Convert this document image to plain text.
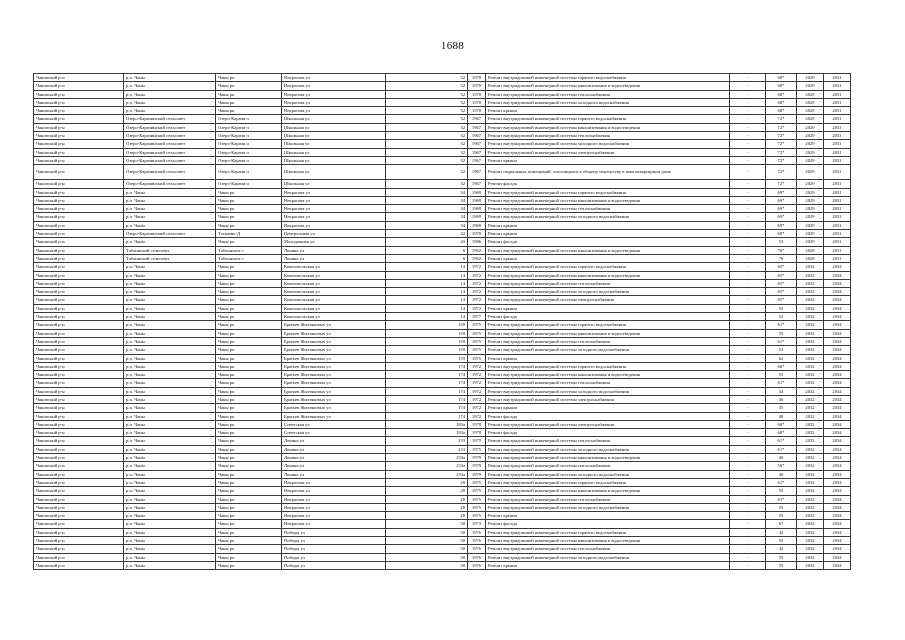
1688
Чановский р-н	р.п. Чаны	Чаны рп	Некрасова ул	32	1970	Ремонт внутридомовой инженерной системы горячего водоснабжения	-	68*	2029	2031
Чановский р-н	р.п. Чаны	Чаны рп	Некрасова ул	32	1970	Ремонт внутридомовой инженерной системы канализования и водоотведения	-	68*	2029	2031
Чановский р-н	р.п. Чаны	Чаны рп	Некрасова ул	32	1970	Ремонт внутридомовой инженерной системы теплоснабжения	-	68*	2029	2031
Чановский р-н	р.п. Чаны	Чаны рп	Некрасова ул	32	1970	Ремонт внутридомовой инженерной системы холодного водоснабжения	-	68*	2029	2031
Чановский р-н	р.п. Чаны	Чаны рп	Некрасова ул	32	1970	Ремонт крыши	-	68*	2029	2031
Чановский р-н	Озеро-Карачинский сельсовет	Озеро-Карачи п	Школьная ул	32	1967	Ремонт внутридомовой инженерной системы горячего водоснабжения	-	72*	2029	2031
Чановский р-н	Озеро-Карачинский сельсовет	Озеро-Карачи п	Школьная ул	32	1967	Ремонт внутридомовой инженерной системы канализования и водоотведения	-	72*	2029	2031
Чановский р-н	Озеро-Карачинский сельсовет	Озеро-Карачи п	Школьная ул	32	1967	Ремонт внутридомовой инженерной системы теплоснабжения	-	72*	2029	2031
Чановский р-н	Озеро-Карачинский сельсовет	Озеро-Карачи п	Школьная ул	32	1967	Ремонт внутридомовой инженерной системы холодного водоснабжения	-	72*	2029	2031
Чановский р-н	Озеро-Карачинский сельсовет	Озеро-Карачи п	Школьная ул	32	1967	Ремонт внутридомовой инженерной системы электроснабжения	-	72*	2029	2031
Чановский р-н	Озеро-Карачинский сельсовет	Озеро-Карачи п	Школьная ул	32	1967	Ремонт крыши	-	72*	2029	2031
Чановский р-н	Озеро-Карачинский сельсовет	Озеро-Карачи п	Школьная ул	32	1967	Ремонт подвальных помещений, относящихся к общему имуществу в многоквартирном доме	-	72*	2029	2031
Чановский р-н	Озеро-Карачинский сельсовет	Озеро-Карачи п	Школьная ул	32	1967	Ремонт фасада	-	72*	2029	2031
Чановский р-н	р.п. Чаны	Чаны рп	Некрасова ул	34	1969	Ремонт внутридомовой инженерной системы горячего водоснабжения	-	69*	2029	2031
Чановский р-н	р.п. Чаны	Чаны рп	Некрасова ул	34	1969	Ремонт внутридомовой инженерной системы канализования и водоотведения	-	69*	2029	2031
Чановский р-н	р.п. Чаны	Чаны рп	Некрасова ул	34	1969	Ремонт внутридомовой инженерной системы теплоснабжения	-	69*	2029	2031
Чановский р-н	р.п. Чаны	Чаны рп	Некрасова ул	34	1969	Ремонт внутридомовой инженерной системы холодного водоснабжения	-	69*	2029	2031
Чановский р-н	р.п. Чаны	Чаны рп	Некрасова ул	34	1969	Ремонт крыши	-	69*	2029	2031
Чановский р-н	Озеро-Карачинский сельсовет	Таскаево-Д	Центральная ул	42	1970	Ремонт крыши	-	68*	2029	2031
Чановский р-н	р.п. Чаны	Чаны рп	Молодежная ул	43	1986	Ремонт фасада	-	53	2029	2031
Чановский р-н	Таблинский сельсовет	Таблинское с	Ленина ул	6	1962	Ремонт внутридомовой инженерной системы канализования и водоотведения	-	76*	2029	2031
Чановский р-н	Таблинский сельсовет	Таблинское с	Ленина ул	6	1962	Ремонт крыши	-	76	2029	2031
Чановский р-н	р.п. Чаны	Чаны рп	Комсомольская ул	14	1972	Ремонт внутридомовой инженерной системы горячего водоснабжения	-	65*	2032	2034
Чановский р-н	р.п. Чаны	Чаны рп	Комсомольская ул	14	1972	Ремонт внутридомовой инженерной системы канализования и водоотведения	-	65*	2032	2034
Чановский р-н	р.п. Чаны	Чаны рп	Комсомольская ул	14	1972	Ремонт внутридомовой инженерной системы теплоснабжения	-	65*	2032	2034
Чановский р-н	р.п. Чаны	Чаны рп	Комсомольская ул	14	1972	Ремонт внутридомовой инженерной системы холодного водоснабжения	-	65*	2032	2034
Чановский р-н	р.п. Чаны	Чаны рп	Комсомольская ул	14	1972	Ремонт внутридомовой инженерной системы электроснабжения	-	65*	2032	2034
Чановский р-н	р.п. Чаны	Чаны рп	Комсомольская ул	14	1972	Ремонт крыши	-	55	2032	2034
Чановский р-н	р.п. Чаны	Чаны рп	Комсомольская ул	14	1977	Ремонт фасада	-	52	2032	2034
Чановский р-н	р.п. Чаны	Чаны рп	Братьев Жилтяковых ул	159	1975	Ремонт внутридомовой инженерной системы горячего водоснабжения	-	61*	2032	2034
Чановский р-н	р.п. Чаны	Чаны рп	Братьев Жилтяковых ул	159	1975	Ремонт внутридомовой инженерной системы канализования и водоотведения	-	55	2032	2034
Чановский р-н	р.п. Чаны	Чаны рп	Братьев Жилтяковых ул	159	1975	Ремонт внутридомовой инженерной системы теплоснабжения	-	61*	2032	2034
Чановский р-н	р.п. Чаны	Чаны рп	Братьев Жилтяковых ул	159	1975	Ремонт внутридомовой инженерной системы холодного водоснабжения	-	52	2032	2034
Чановский р-н	р.п. Чаны	Чаны рп	Братьев Жилтяковых ул	159	1975	Ремонт крыши	-	62	2032	2034
Чановский р-н	р.п. Чаны	Чаны рп	Братьев Жилтяковых ул	174	1972	Ремонт внутридомовой инженерной системы горячего водоснабжения	-	66*	2032	2034
Чановский р-н	р.п. Чаны	Чаны рп	Братьев Жилтяковых ул	174	1972	Ремонт внутридомовой инженерной системы канализования и водоотведения	-	55	2032	2034
Чановский р-н	р.п. Чаны	Чаны рп	Братьев Жилтяковых ул	174	1972	Ремонт внутридомовой инженерной системы теплоснабжения	-	61*	2032	2034
Чановский р-н	р.п. Чаны	Чаны рп	Братьев Жилтяковых ул	174	1972	Ремонт внутридомовой инженерной системы холодного водоснабжения	-	34	2032	2034
Чановский р-н	р.п. Чаны	Чаны рп	Братьев Жилтяковых ул	174	1972	Ремонт внутридомовой инженерной системы электроснабжения	-	36	2032	2034
Чановский р-н	р.п. Чаны	Чаны рп	Братьев Жилтяковых ул	174	1972	Ремонт крыши	-	35	2032	2034
Чановский р-н	р.п. Чаны	Чаны рп	Братьев Жилтяковых ул	174	1972	Ремонт фасада	-	48	2032	2034
Чановский р-н	р.п. Чаны	Чаны рп	Советская ул	183а	1970	Ремонт внутридомовой инженерной системы электроснабжения	-	68*	2032	2034
Чановский р-н	р.п. Чаны	Чаны рп	Советская ул	183а	1970	Ремонт фасада	-	68*	2032	2034
Чановский р-н	р.п. Чаны	Чаны рп	Ленина ул	233	1975	Ремонт внутридомовой инженерной системы теплоснабжения	-	61*	2032	2034
Чановский р-н	р.п. Чаны	Чаны рп	Ленина ул	233	1975	Ремонт внутридомовой инженерной системы холодного водоснабжения	-	61*	2032	2034
Чановский р-н	р.п. Чаны	Чаны рп	Ленина ул	233а	1979	Ремонт внутридомовой инженерной системы канализования и водоотведения	-	40	2032	2034
Чановский р-н	р.п. Чаны	Чаны рп	Ленина ул	233а	1979	Ремонт внутридомовой инженерной системы теплоснабжения	-	56*	2032	2034
Чановский р-н	р.п. Чаны	Чаны рп	Ленина ул	233а	1979	Ремонт внутридомовой инженерной системы холодного водоснабжения	-	40	2032	2034
Чановский р-н	р.п. Чаны	Чаны рп	Некрасова ул	28	1975	Ремонт внутридомовой инженерной системы горячего водоснабжения	-	61*	2032	2034
Чановский р-н	р.п. Чаны	Чаны рп	Некрасова ул	28	1975	Ремонт внутридомовой инженерной системы канализования и водоотведения	-	55	2032	2034
Чановский р-н	р.п. Чаны	Чаны рп	Некрасова ул	28	1975	Ремонт внутридомовой инженерной системы теплоснабжения	-	61*	2032	2034
Чановский р-н	р.п. Чаны	Чаны рп	Некрасова ул	28	1975	Ремонт внутридомовой инженерной системы холодного водоснабжения	-	55	2032	2034
Чановский р-н	р.п. Чаны	Чаны рп	Некрасова ул	28	1975	Ремонт крыши	-	55	2032	2034
Чановский р-н	р.п. Чаны	Чаны рп	Некрасова ул	30	1973	Ремонт фасада	-	67	2032	2034
Чановский р-н	р.п. Чаны	Чаны рп	Победы ул	30	1976	Ремонт внутридомовой инженерной системы горячего водоснабжения	-	42	2032	2034
Чановский р-н	р.п. Чаны	Чаны рп	Победы ул	30	1976	Ремонт внутридомовой инженерной системы канализования и водоотведения	-	55	2032	2034
Чановский р-н	р.п. Чаны	Чаны рп	Победы ул	30	1976	Ремонт внутридомовой инженерной системы теплоснабжения	-	42	2032	2034
Чановский р-н	р.п. Чаны	Чаны рп	Победы ул	30	1976	Ремонт внутридомовой инженерной системы холодного водоснабжения	-	55	2032	2034
Чановский р-н	р.п. Чаны	Чаны рп	Победы ул	30	1976	Ремонт крыши	-	55	2032	2034
